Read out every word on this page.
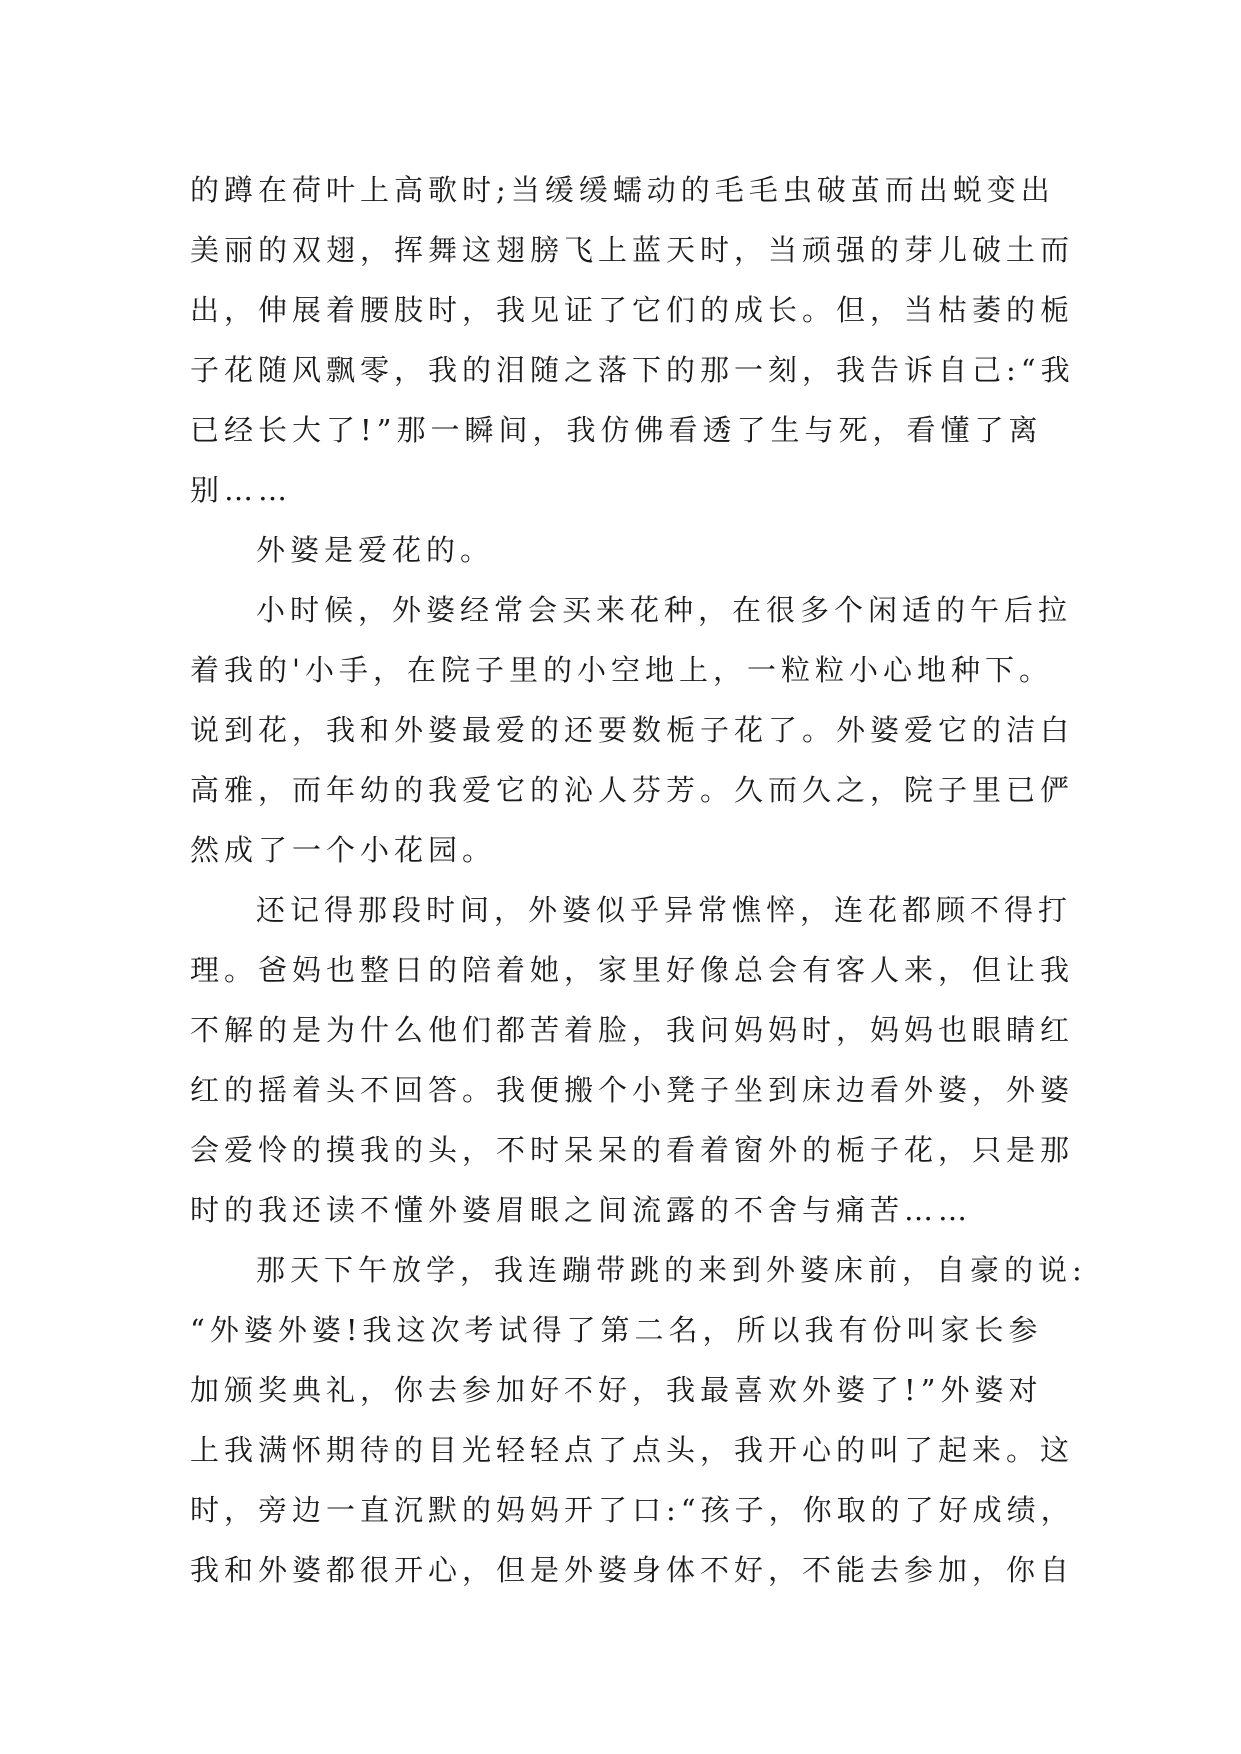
的蹲在荷叶上高歌时;当缓缓蠕动的毛毛虫破茧而出蜕变出
美丽的双翅，挥舞这翅膀飞上蓝天时，当顽强的芽儿破土而
出，伸展着腰肢时，我见证了它们的成长。但，当枯萎的栀
子花随风飘零，我的泪随之落下的那一刻，我告诉自己:“我
已经长大了!”那一瞬间，我仿佛看透了生与死，看懂了离
别……
外婆是爱花的。
小时候，外婆经常会买来花种，在很多个闲适的午后拉
着我的'小手，在院子里的小空地上，一粒粒小心地种下。
说到花，我和外婆最爱的还要数栀子花了。外婆爱它的洁白
高雅，而年幼的我爱它的沁人芬芳。久而久之，院子里已俨
然成了一个小花园。
还记得那段时间，外婆似乎异常憔悴，连花都顾不得打
理。爸妈也整日的陪着她，家里好像总会有客人来，但让我
不解的是为什么他们都苦着脸，我问妈妈时，妈妈也眼睛红
红的摇着头不回答。我便搬个小凳子坐到床边看外婆，外婆
会爱怜的摸我的头，不时呆呆的看着窗外的栀子花，只是那
时的我还读不懂外婆眉眼之间流露的不舍与痛苦……
那天下午放学，我连蹦带跳的来到外婆床前，自豪的说:
“外婆外婆!我这次考试得了第二名，所以我有份叫家长参
加颁奖典礼，你去参加好不好，我最喜欢外婆了!”外婆对
上我满怀期待的目光轻轻点了点头，我开心的叫了起来。这
时，旁边一直沉默的妈妈开了口:“孩子，你取的了好成绩，
我和外婆都很开心，但是外婆身体不好，不能去参加，你自
